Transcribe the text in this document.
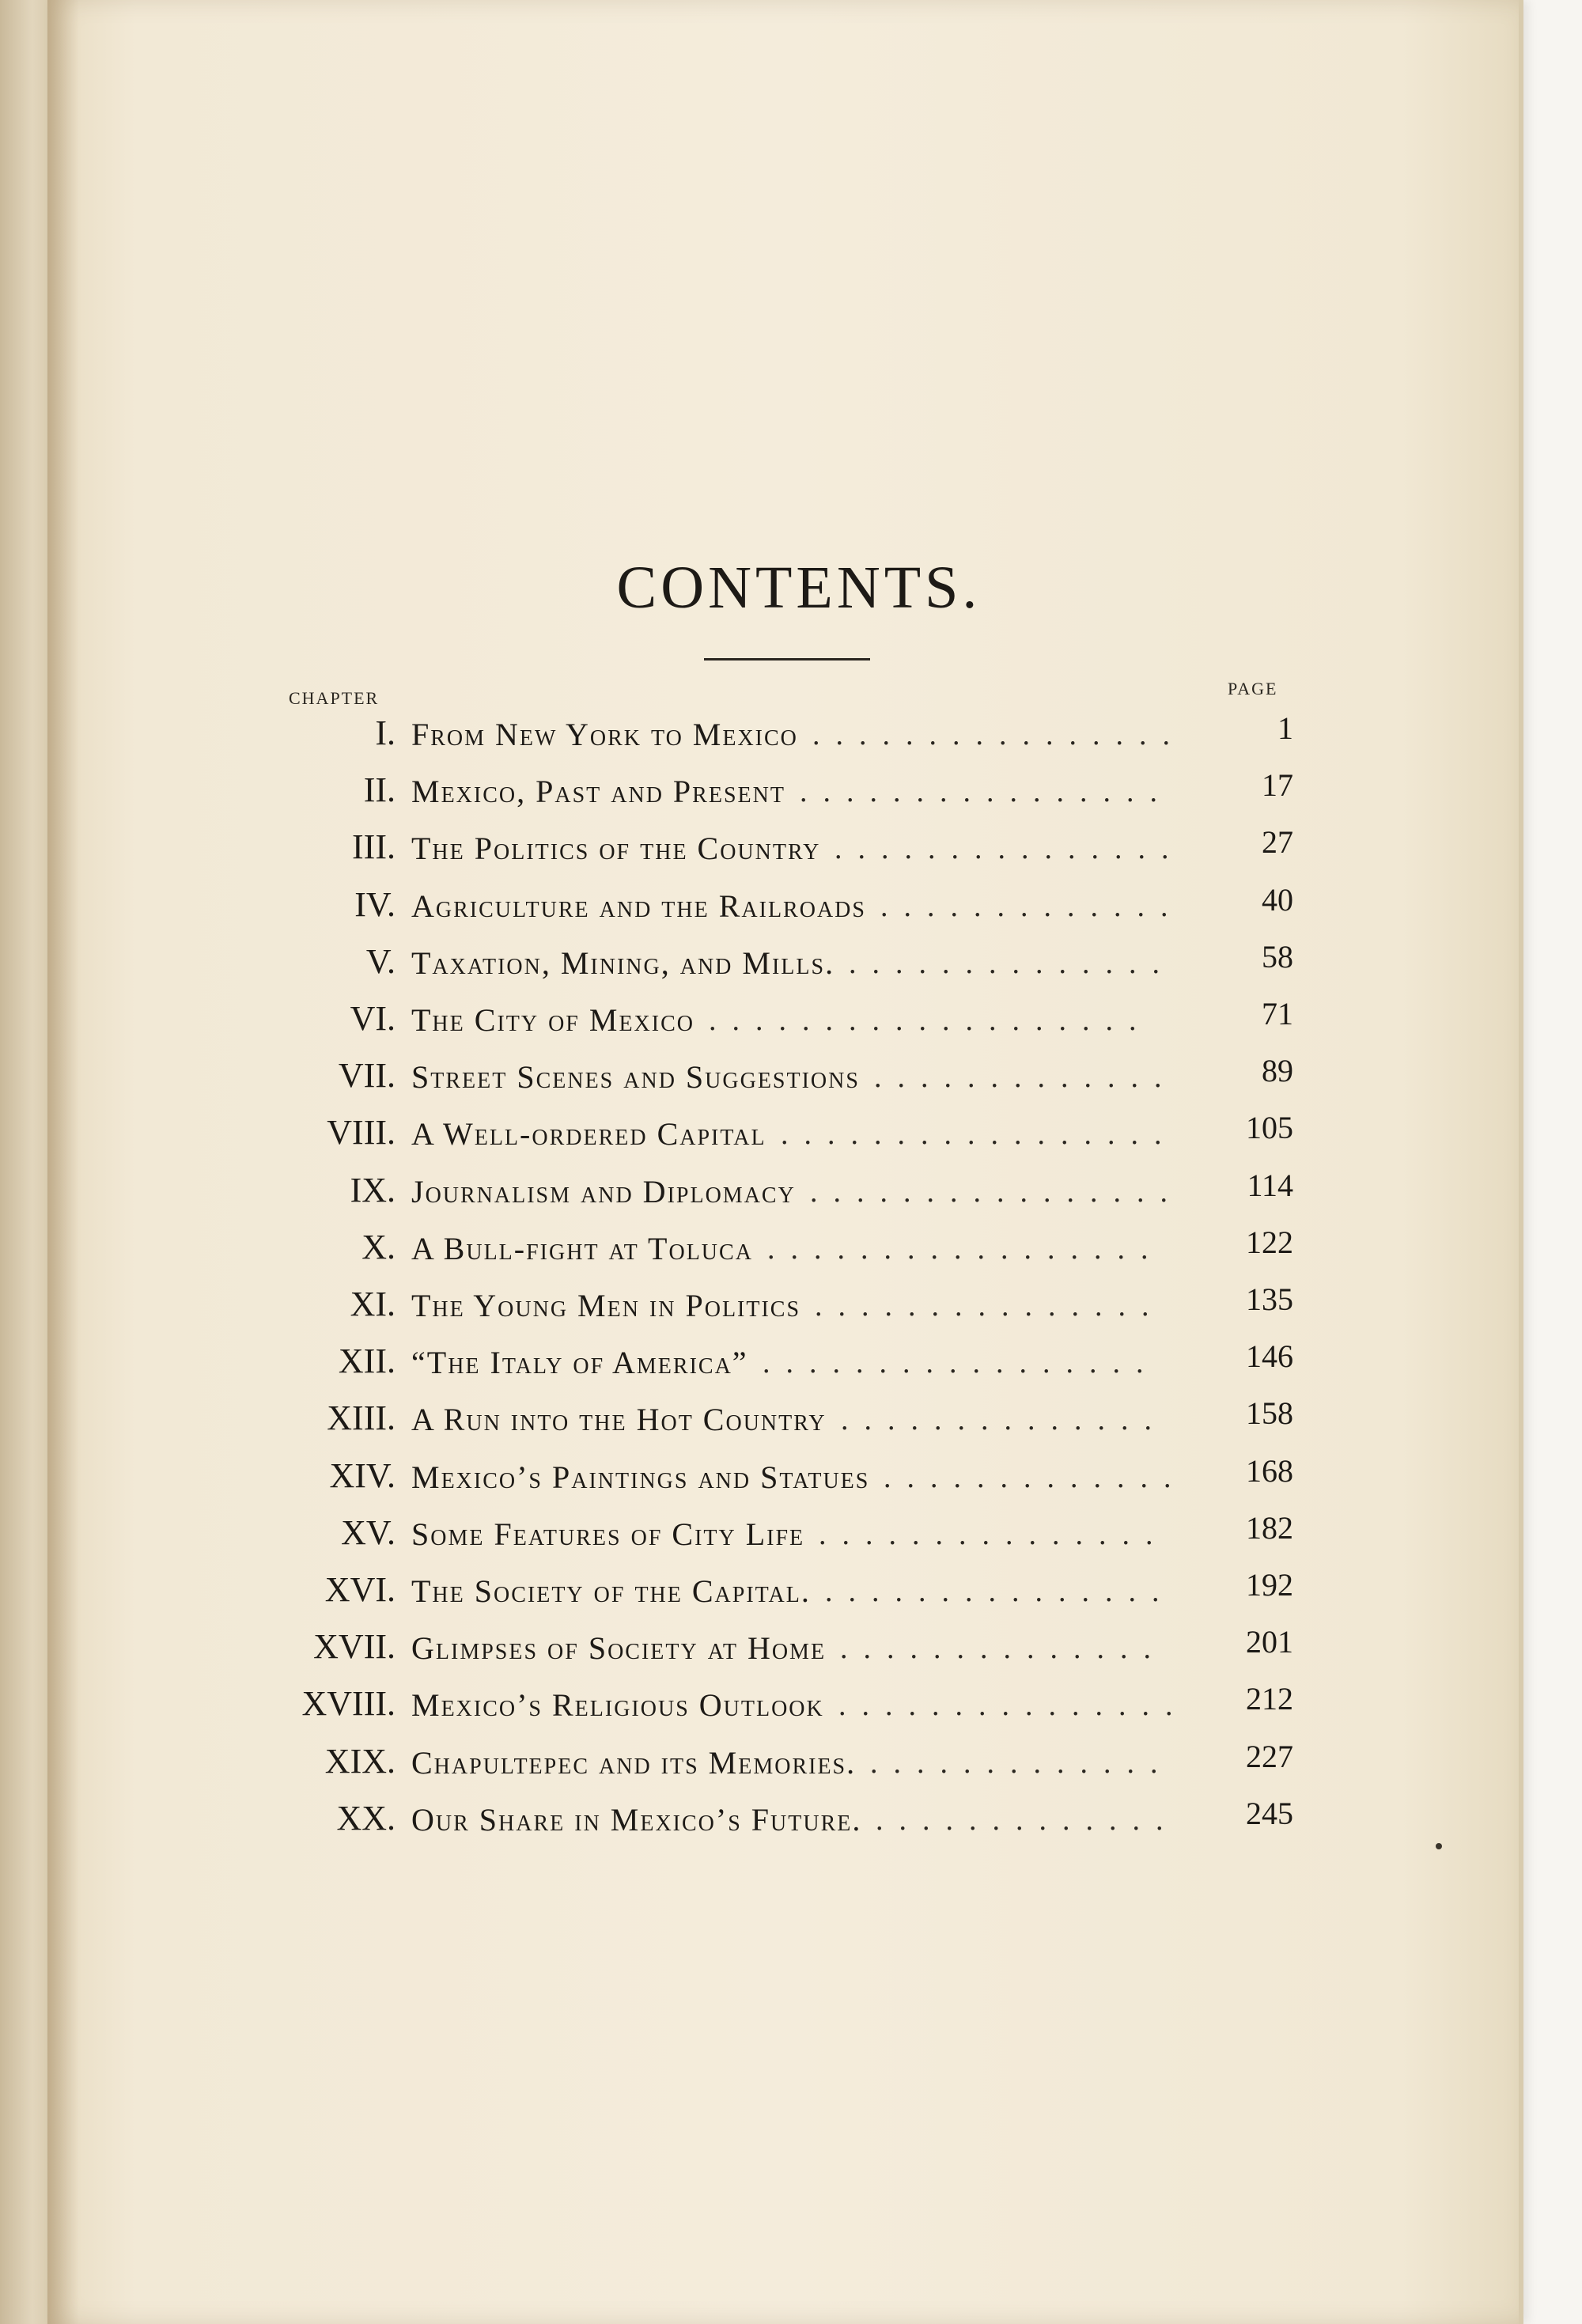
CONTENTS.
CHAPTER	PAGE
I. From New York to Mexico ................	1
II. Mexico, Past and Present ................	17
III. The Politics of the Country ...............	27
IV. Agriculture and the Railroads .............	40
V. Taxation, Mining, and Mills. ..............	58
VI. The City of Mexico ...................	71
VII. Street Scenes and Suggestions .............	89
VIII. A Well-ordered Capital .................	105
IX. Journalism and Diplomacy ................	114
X. A Bull-fight at Toluca .................	122
XI. The Young Men in Politics ...............	135
XII. “The Italy of America” .................	146
XIII. A Run into the Hot Country ..............	158
XIV. Mexico’s Paintings and Statues .............	168
XV. Some Features of City Life ...............	182
XVI. The Society of the Capital. ...............	192
XVII. Glimpses of Society at Home ..............	201
XVIII. Mexico’s Religious Outlook ...............	212
XIX. Chapultepec and its Memories. .............	227
XX. Our Share in Mexico’s Future. .............	245
